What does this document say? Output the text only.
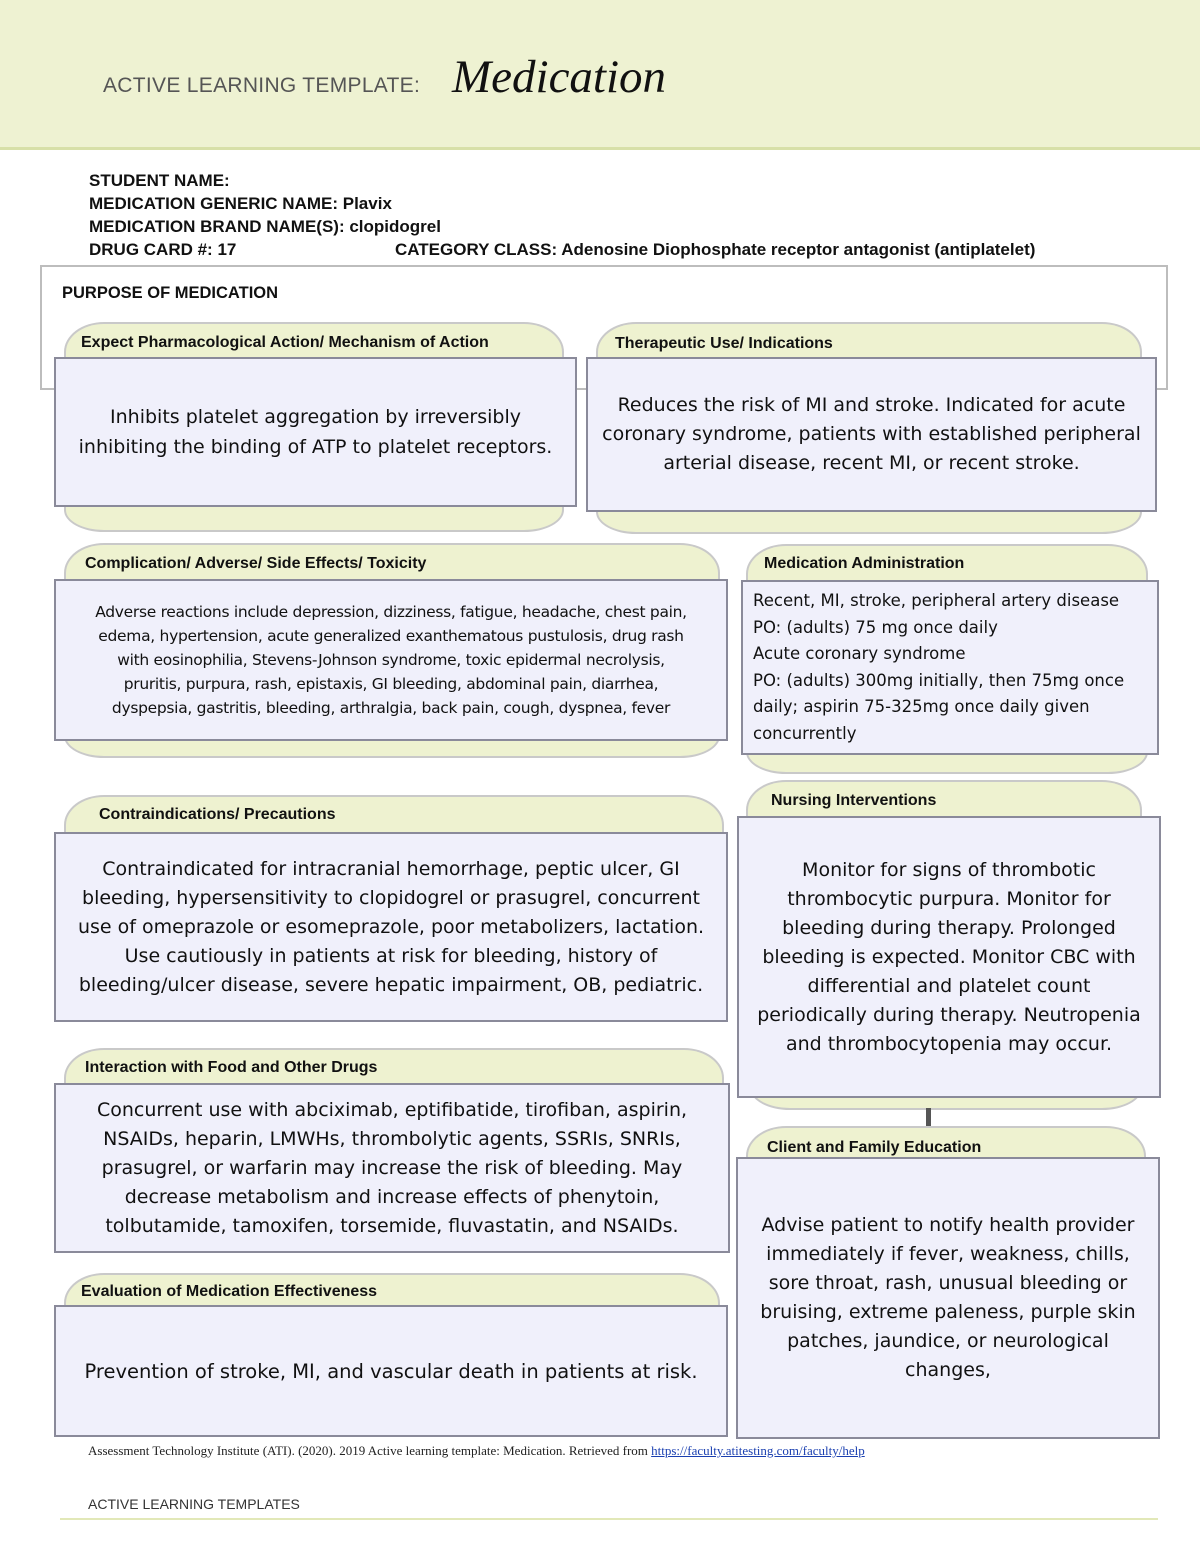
ACTIVE LEARNING TEMPLATE: Medication
STUDENT NAME:
MEDICATION GENERIC NAME: Plavix
MEDICATION BRAND NAME(S): clopidogrel
DRUG CARD #: 17	CATEGORY CLASS: Adenosine Diophosphate receptor antagonist (antiplatelet)
PURPOSE OF MEDICATION
Expect Pharmacological Action/ Mechanism of Action
Inhibits platelet aggregation by irreversibly
inhibiting the binding of ATP to platelet receptors.
Therapeutic Use/ Indications
Reduces the risk of MI and stroke. Indicated for acute
coronary syndrome, patients with established peripheral
arterial disease, recent MI, or recent stroke.
Complication/ Adverse/ Side Effects/ Toxicity
Adverse reactions include depression, dizziness, fatigue, headache, chest pain,
edema, hypertension, acute generalized exanthematous pustulosis, drug rash
with eosinophilia, Stevens-Johnson syndrome, toxic epidermal necrolysis,
pruritis, purpura, rash, epistaxis, GI bleeding, abdominal pain, diarrhea,
dyspepsia, gastritis, bleeding, arthralgia, back pain, cough, dyspnea, fever
Medication Administration
Recent, MI, stroke, peripheral artery disease
PO: (adults) 75 mg once daily
Acute coronary syndrome
PO: (adults) 300mg initially, then 75mg once
daily; aspirin 75-325mg once daily given
concurrently
Contraindications/ Precautions
Contraindicated for intracranial hemorrhage, peptic ulcer, GI
bleeding, hypersensitivity to clopidogrel or prasugrel, concurrent
use of omeprazole or esomeprazole, poor metabolizers, lactation.
Use cautiously in patients at risk for bleeding, history of
bleeding/ulcer disease, severe hepatic impairment, OB, pediatric.
Nursing Interventions
Monitor for signs of thrombotic
thrombocytic purpura. Monitor for
bleeding during therapy. Prolonged
bleeding is expected. Monitor CBC with
differential and platelet count
periodically during therapy. Neutropenia
and thrombocytopenia may occur.
Interaction with Food and Other Drugs
Concurrent use with abciximab, eptifibatide, tirofiban, aspirin,
NSAIDs, heparin, LMWHs, thrombolytic agents, SSRIs, SNRIs,
prasugrel, or warfarin may increase the risk of bleeding. May
decrease metabolism and increase effects of phenytoin,
tolbutamide, tamoxifen, torsemide, fluvastatin, and NSAIDs.
Client and Family Education
Advise patient to notify health provider
immediately if fever, weakness, chills,
sore throat, rash, unusual bleeding or
bruising, extreme paleness, purple skin
patches, jaundice, or neurological
changes,
Evaluation of Medication Effectiveness
Prevention of stroke, MI, and vascular death in patients at risk.
Assessment Technology Institute (ATI). (2020). 2019 Active learning template: Medication. Retrieved from https://faculty.atitesting.com/faculty/help
ACTIVE LEARNING TEMPLATES
